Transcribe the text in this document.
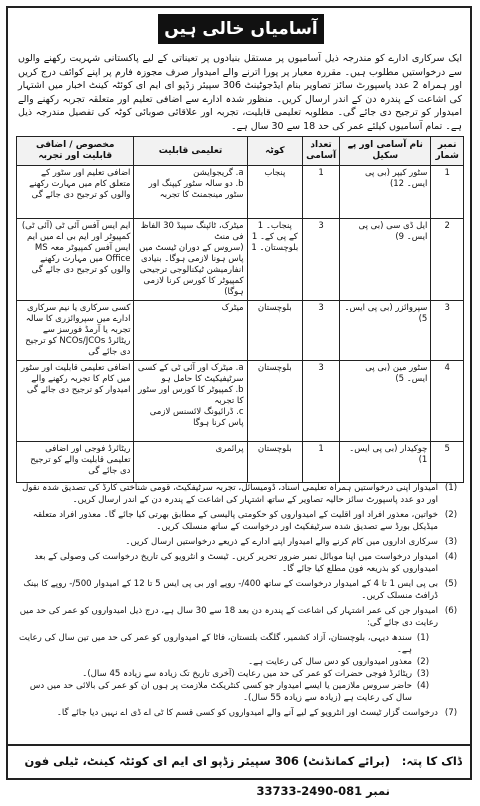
آسامیاں خالی ہیں
ایک سرکاری ادارے کو مندرجہ ذیل آسامیوں پر مستقل بنیادوں پر تعیناتی کے لیے پاکستانی شہریت رکھنے والوں سے درخواستیں مطلوب ہیں۔ مقررہ معیار پر پورا اترنے والے امیدوار صرف مجوزہ فارم پر اپنے کوائف درج کریں اور ہمراہ 2 عدد پاسپورٹ سائز تصاویر بنام ایڈجوٹینٹ 306 سپیئر زڈپو ای ایم ای کوئٹہ کینٹ اخبار میں اشتہار کی اشاعت کے پندرہ دن کے اندر ارسال کریں۔ منظور شدہ ادارے سے اضافی تعلیم اور متعلقہ تجربہ رکھنے والے امیدوار کو ترجیح دی جائے گی۔ مطلوبہ تعلیمی قابلیت، تجربہ اور علاقائی صوبائی کوٹہ کی تفصیل مندرجہ ذیل ہے۔ تمام آسامیوں کیلئے عمر کی حد 18 سے 30 سال ہے۔
نمبر شمار	نام آسامی اور پے سکیل	تعداد آسامی	کوٹہ	تعلیمی قابلیت	مخصوص / اضافی قابلیت اور تجربہ
1	سٹور کیپر (بی پی ایس۔ 12)	1	پنجاب	a. گریجوایشن
b. دو سالہ سٹور کیپنگ اور سٹور مینجمنٹ کا تجربہ	اضافی تعلیم اور سٹور کے متعلق کام میں مہارت رکھنے والوں کو ترجیح دی جائے گی
2	ایل ڈی سی (بی پی ایس۔ 9)	3	پنجاب۔ 1
کے پی کے۔ 1
بلوچستان۔ 1	میٹرک، ٹائپنگ سپیڈ 30 الفاظ فی منٹ
(سروس کے دوران ٹیسٹ میں پاس ہونا لازمی ہوگا۔ بنیادی انفارمیشن ٹیکنالوجی ترجیحی کمپیوٹر کا کورس کرنا لازمی ہوگا)	ایم ایس آفس آئی ٹی (آئی ٹی) کمپیوٹر اور ایم بی اے میں ایم ایس آفس کمپیوٹر معہ MS Office میں مہارت رکھنے والوں کو ترجیح دی جائے گی
3	سپروائزر (بی پی ایس۔ 5)	3	بلوچستان	میٹرک	کسی سرکاری یا نیم سرکاری ادارے میں سپروائزری کا سالہ تجربہ یا آرمڈ فورسز سے ریٹائرڈ NCOs/JCOs کو ترجیح دی جائے گی
4	سٹور مین (بی پی ایس۔ 5)	3	بلوچستان	a. میٹرک اور آئی ٹی کے کسی سرٹیفیکیٹ کا حامل ہو
b. کمپیوٹر کا کورس اور سٹور کا تجربہ
c. ڈرائیونگ لائسنس لازمی پاس کرنا ہوگا	اضافی تعلیمی قابلیت اور سٹور میں کام کا تجربہ رکھنے والے امیدوار کو ترجیح دی جائے گی
5	چوکیدار (بی پی ایس۔ 1)	1	بلوچستان	پرائمری	ریٹائرڈ فوجی اور اضافی تعلیمی قابلیت والے کو ترجیح دی جائے گی
(1)
امیدوار اپنی درخواستیں ہمراہ تعلیمی اسناد، ڈومیسائل، تجربہ سرٹیفکیٹ، قومی شناختی کارڈ کی تصدیق شدہ نقول اور دو عدد پاسپورٹ سائز حالیہ تصاویر کے ساتھ اشتہار کی اشاعت کے پندرہ دن کے اندر ارسال کریں۔
(2)
خواتین، معذور افراد اور اقلیت کے امیدواروں کو حکومتی پالیسی کے مطابق بھرتی کیا جائے گا۔ معذور افراد متعلقہ میڈیکل بورڈ سے تصدیق شدہ سرٹیفکیٹ اور درخواست کے ساتھ منسلک کریں۔
(3)
سرکاری اداروں میں کام کرنے والے امیدوار اپنے ادارے کے ذریعے درخواستیں ارسال کریں۔
(4)
امیدوار درخواست میں اپنا موبائل نمبر ضرور تحریر کریں۔ ٹیسٹ و انٹرویو کی تاریخ درخواست کی وصولی کے بعد امیدواروں کو بذریعہ فون مطلع کیا جائے گا۔
(5)
بی پی ایس 1 تا 4 کے امیدوار درخواست کے ساتھ 400/- روپے اور بی پی ایس 5 تا 12 کے امیدوار 500/- روپے کا بینک ڈرافٹ منسلک کریں۔
(6)
امیدوار جن کی عمر اشتہار کی اشاعت کے پندرہ دن بعد 18 سے 30 سال ہے، درج ذیل امیدواروں کو عمر کی حد میں رعایت دی جائے گی:
(1)
سندھ دیہی، بلوچستان، آزاد کشمیر، گلگت بلتستان، فاٹا کے امیدواروں کو عمر کی حد میں تین سال کی رعایت ہے۔
(2)
معذور امیدواروں کو دس سال کی رعایت ہے۔
(3)
ریٹائرڈ فوجی حضرات کو عمر کی حد میں رعایت (آخری تاریخ تک زیادہ سے زیادہ 45 سال)۔
(4)
حاضر سروس ملازمین یا ایسے امیدوار جو کسی کنٹریکٹ ملازمت پر ہوں ان کو عمر کی بالائی حد میں دس سال کی رعایت ہے (زیادہ سے زیادہ 55 سال)۔
(7)
درخواست گزار ٹیسٹ اور انٹرویو کے لیے آنے والے امیدواروں کو کسی قسم کا ٹی اے ڈی اے نہیں دیا جائے گا۔
ڈاک کا پتہ:
(برائے کمانڈنٹ) 306 سپیئر زڈپو ای ایم ای کوئٹہ کینٹ، ٹیلی فون نمبر 081-2490-33733
